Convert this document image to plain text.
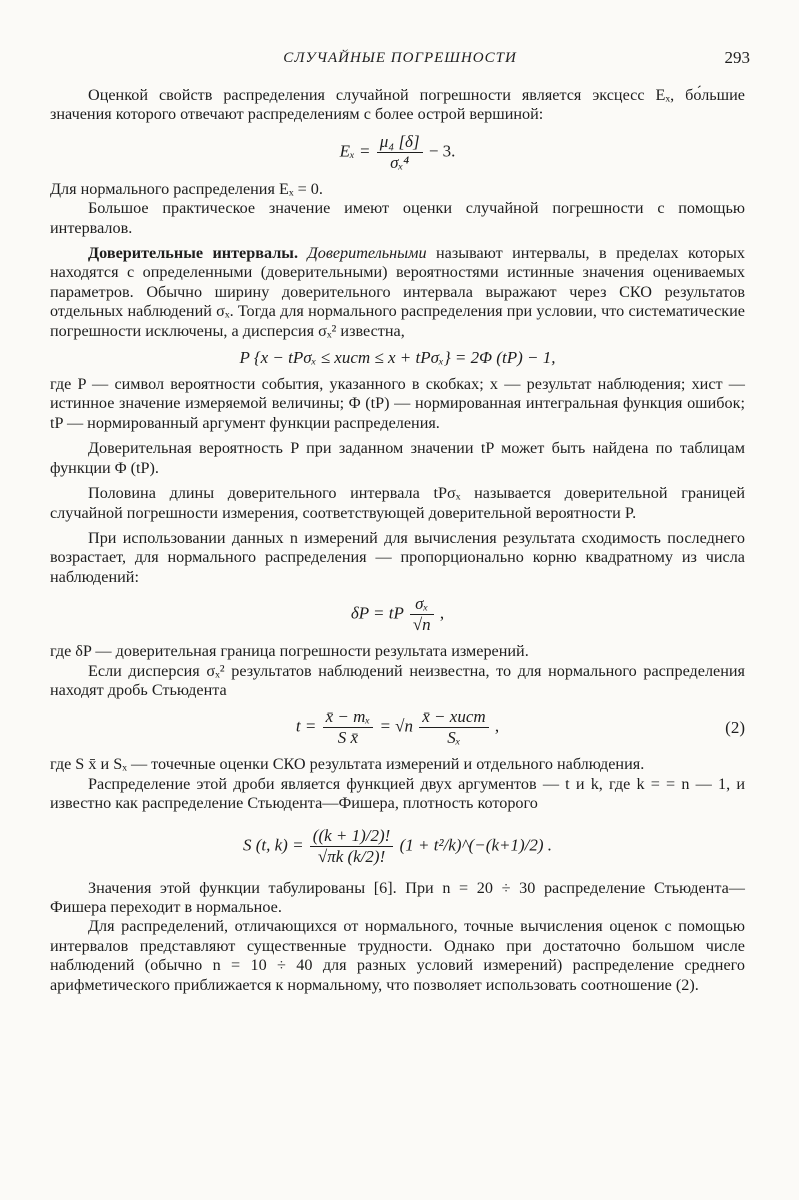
СЛУЧАЙНЫЕ ПОГРЕШНОСТИ	293

Оценкой свойств распределения случайной погрешности является эксцесс Eₓ, бо́льшие значения которого отвечают распределениям с более острой вершиной:

$E_x = \frac{\text{μ₄ [δ]}}{\text{σₓ⁴}} - 3$.

Для нормального распределения Eₓ = 0.

Большое практическое значение имеют оценки случайной погрешности с помощью интервалов.

Доверительные интервалы. Доверительными называют интервалы, в пределах которых находятся с определенными (доверительными) вероятностями истинные значения оцениваемых параметров. Обычно ширину доверительного интервала выражают через СКО результатов отдельных наблюдений σₓ. Тогда для нормального распределения при условии, что систематические погрешности исключены, а дисперсия σₓ² известна,

P {x − tPσₓ ≤ xист ≤ x + tPσₓ} = 2Φ (tP) − 1,

где P — символ вероятности события, указанного в скобках; x — результат наблюдения; xист — истинное значение измеряемой величины; Φ (tP) — нормированная интегральная функция ошибок; tP — нормированный аргумент функции распределения.

Доверительная вероятность P при заданном значении tP может быть найдена по таблицам функции Φ (tP).

Половина длины доверительного интервала tPσₓ называется доверительной границей случайной погрешности измерения, соответствующей доверительной вероятности P.

При использовании данных n измерений для вычисления результата сходимость последнего возрастает, для нормального распределения — пропорционально корню квадратному из числа наблюдений:

δP = tP $\frac{\text{σₓ}}{√n}$ ,

где δP — доверительная граница погрешности результата измерений.

Если дисперсия σₓ² результатов наблюдений неизвестна, то для нормального распределения находят дробь Стьюдента

$t = \frac{\text{x̄ − mₓ}}{\text{S x̄}} = √n \frac{\text{x̄ − xист}}{\text{Sₓ}}$ ,	(2)

где S x̄ и Sₓ — точечные оценки СКО результата измерений и отдельного наблюдения.

Распределение этой дроби является функцией двух аргументов — t и k, где k = = n — 1, и известно как распределение Стьюдента—Фишера, плотность которого

S (t, $k) = \frac{((k + 1)/2)!}{√\pi k (k/2)!} (1$ + t²/k)^(−(k+1)/2) .

Значения этой функции табулированы [6]. При n = 20 ÷ 30 распределение Стьюдента—Фишера переходит в нормальное.

Для распределений, отличающихся от нормального, точные вычисления оценок с помощью интервалов представляют существенные трудности. Однако при достаточно большом числе наблюдений (обычно n = 10 ÷ 40 для разных условий измерений) распределение среднего арифметического приближается к нормальному, что позволяет использовать соотношение (2).
